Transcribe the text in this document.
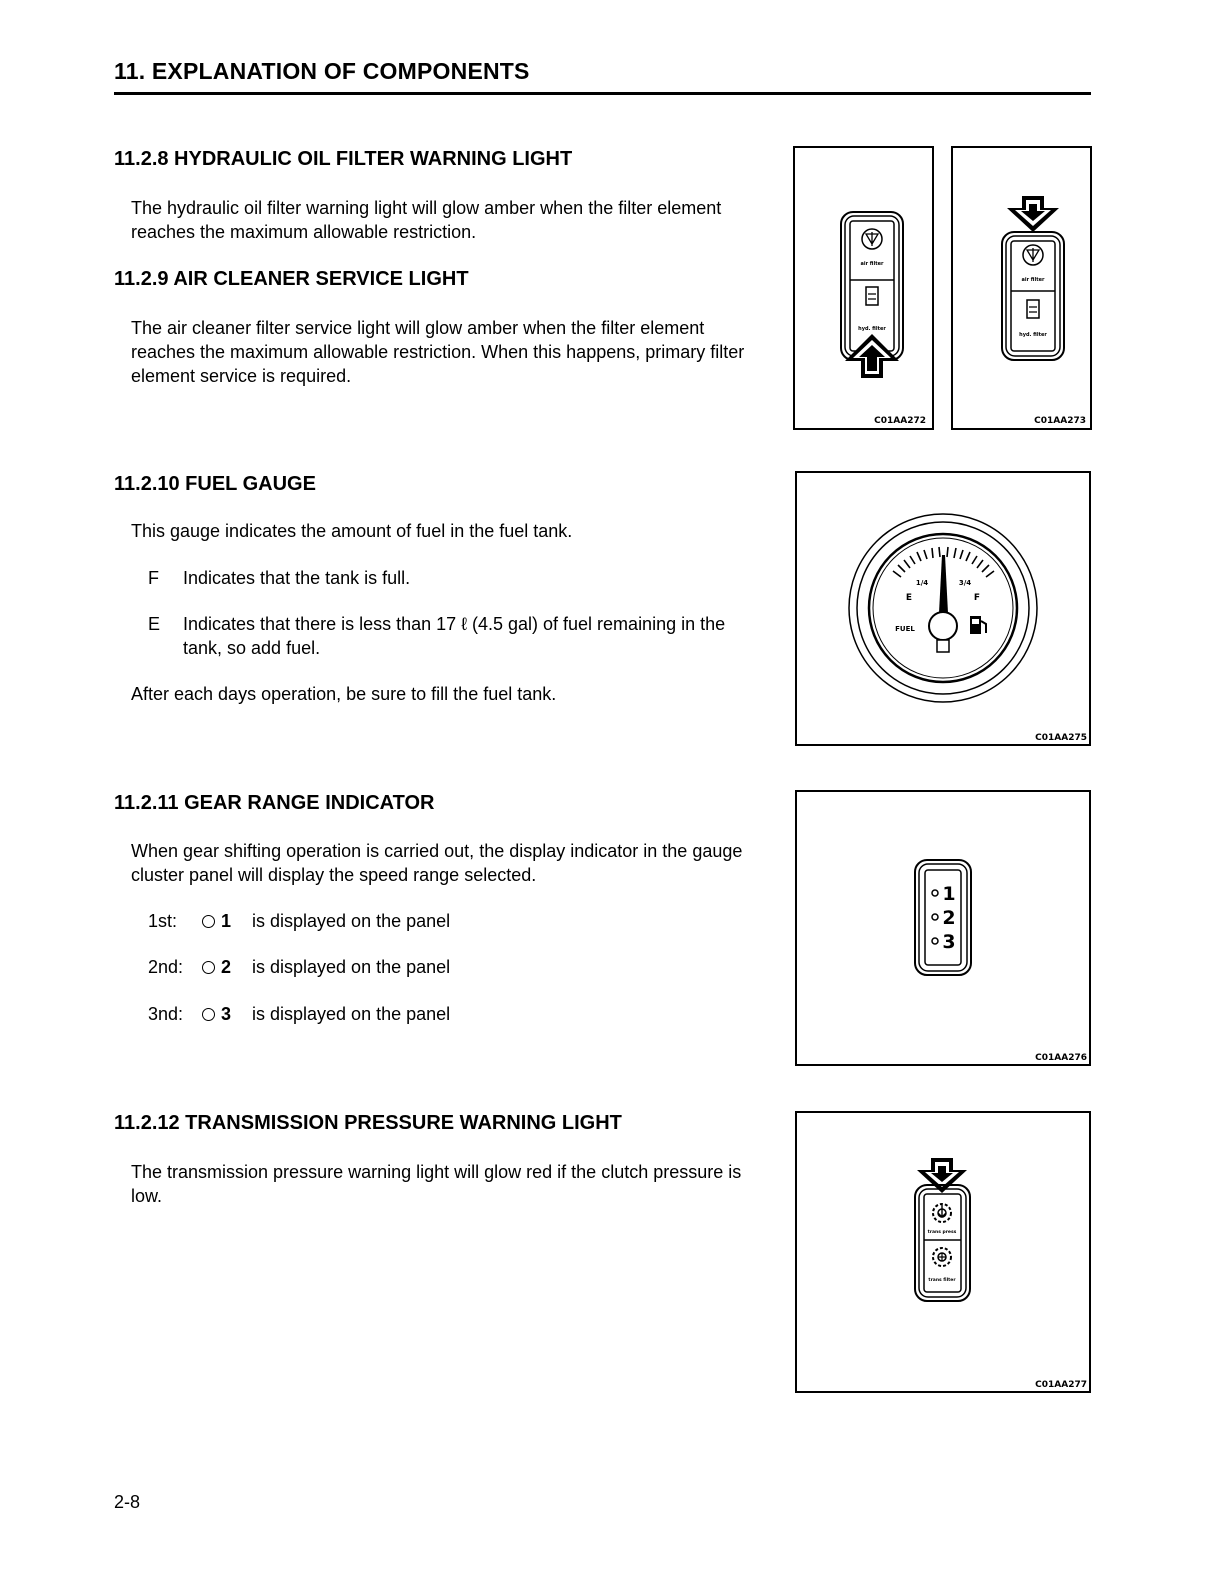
11. EXPLANATION OF COMPONENTS
11.2.8 HYDRAULIC OIL FILTER WARNING LIGHT
The hydraulic oil filter warning light will glow amber when the filter element reaches the maximum allowable restriction.
11.2.9 AIR CLEANER SERVICE LIGHT
The air cleaner filter service light will glow amber when the filter element reaches the maximum allowable restriction. When this happens, primary filter element service is required.
11.2.10 FUEL GAUGE
This gauge indicates the amount of fuel in the fuel tank.
F Indicates that the tank is full.
E Indicates that there is less than 17 ℓ (4.5 gal) of fuel remaining in the
tank, so add fuel.
After each days operation, be sure to fill the fuel tank.
11.2.11 GEAR RANGE INDICATOR
When gear shifting operation is carried out, the display indicator in the gauge cluster panel will display the speed range selected.
1st:	1 is displayed on the panel
2nd:	2 is displayed on the panel
3nd:	3 is displayed on the panel
11.2.12 TRANSMISSION PRESSURE WARNING LIGHT
The transmission pressure warning light will glow red if the clutch pressure is low.
air filter
hyd. filter
C01AA272
air filter
hyd. filter
C01AA273
1/4	3/4
E	F
FUEL
C01AA275
1
2
3
C01AA276
trans press
trans filter
C01AA277
2-8
